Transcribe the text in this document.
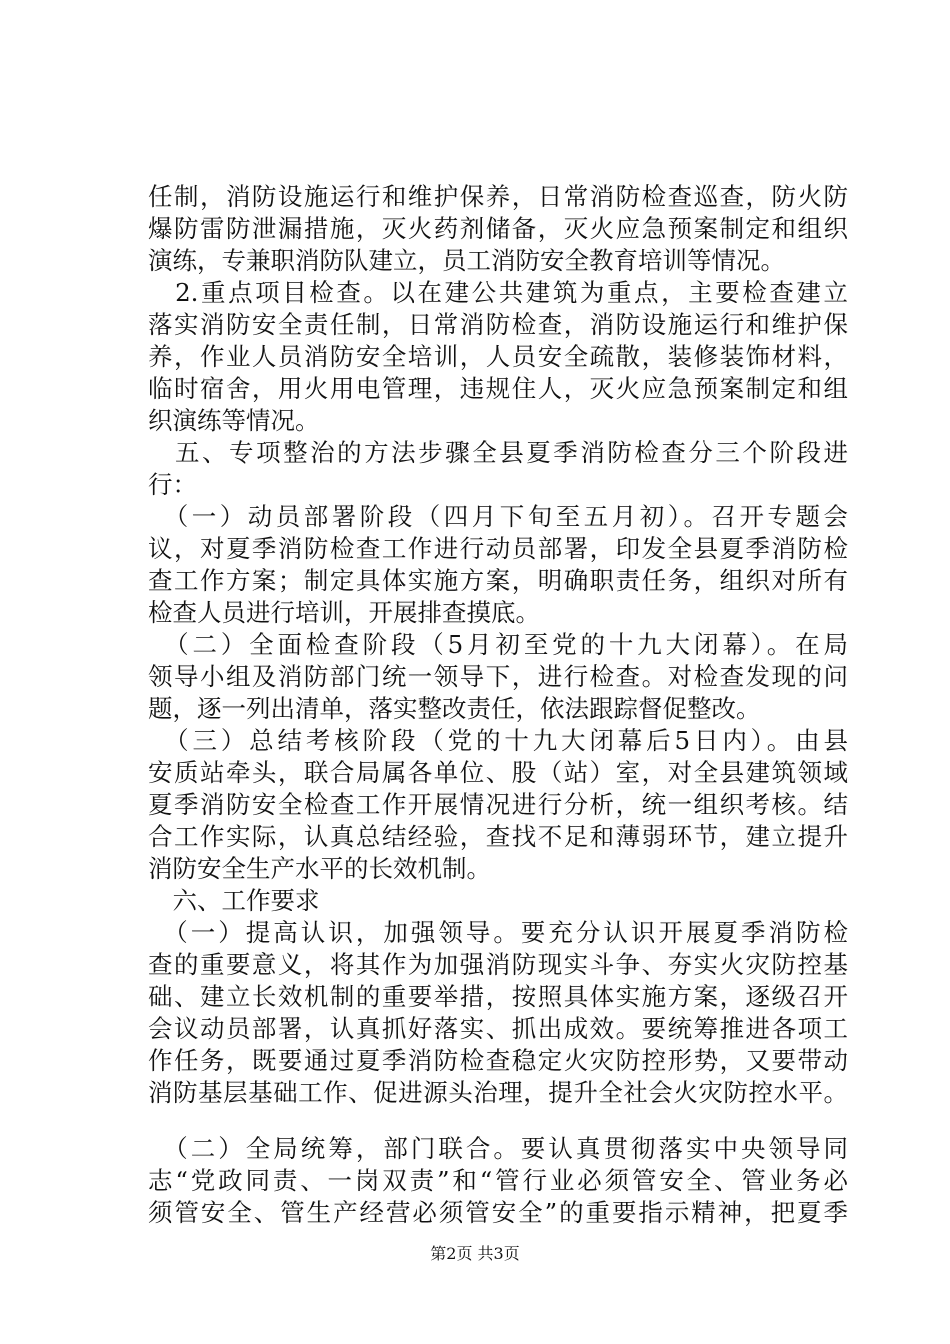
任制，消防设施运行和维护保养，日常消防检查巡查，防火防
爆防雷防泄漏措施，灭火药剂储备，灭火应急预案制定和组织
演练，专兼职消防队建立，员工消防安全教育培训等情况。
　2.重点项目检查。以在建公共建筑为重点，主要检查建立
落实消防安全责任制，日常消防检查，消防设施运行和维护保
养，作业人员消防安全培训，人员安全疏散，装修装饰材料，
临时宿舍，用火用电管理，违规住人，灭火应急预案制定和组
织演练等情况。
　五、专项整治的方法步骤全县夏季消防检查分三个阶段进
行：
　（一）动员部署阶段（四月下旬至五月初）。召开专题会
议，对夏季消防检查工作进行动员部署，印发全县夏季消防检
查工作方案；制定具体实施方案，明确职责任务，组织对所有
检查人员进行培训，开展排查摸底。
　（二）全面检查阶段（5月初至党的十九大闭幕）。在局
领导小组及消防部门统一领导下，进行检查。对检查发现的问
题，逐一列出清单，落实整改责任，依法跟踪督促整改。
　（三）总结考核阶段（党的十九大闭幕后5日内）。由县
安质站牵头，联合局属各单位、股（站）室，对全县建筑领域
夏季消防安全检查工作开展情况进行分析，统一组织考核。结
合工作实际，认真总结经验，查找不足和薄弱环节，建立提升
消防安全生产水平的长效机制。
　六、工作要求
　（一）提高认识，加强领导。要充分认识开展夏季消防检
查的重要意义，将其作为加强消防现实斗争、夯实火灾防控基
础、建立长效机制的重要举措，按照具体实施方案，逐级召开
会议动员部署，认真抓好落实、抓出成效。要统筹推进各项工
作任务，既要通过夏季消防检查稳定火灾防控形势，又要带动
消防基层基础工作、促进源头治理，提升全社会火灾防控水平。
　（二）全局统筹，部门联合。要认真贯彻落实中央领导同
志“党政同责、一岗双责”和“管行业必须管安全、管业务必
须管安全、管生产经营必须管安全”的重要指示精神，把夏季
第2页 共3页
